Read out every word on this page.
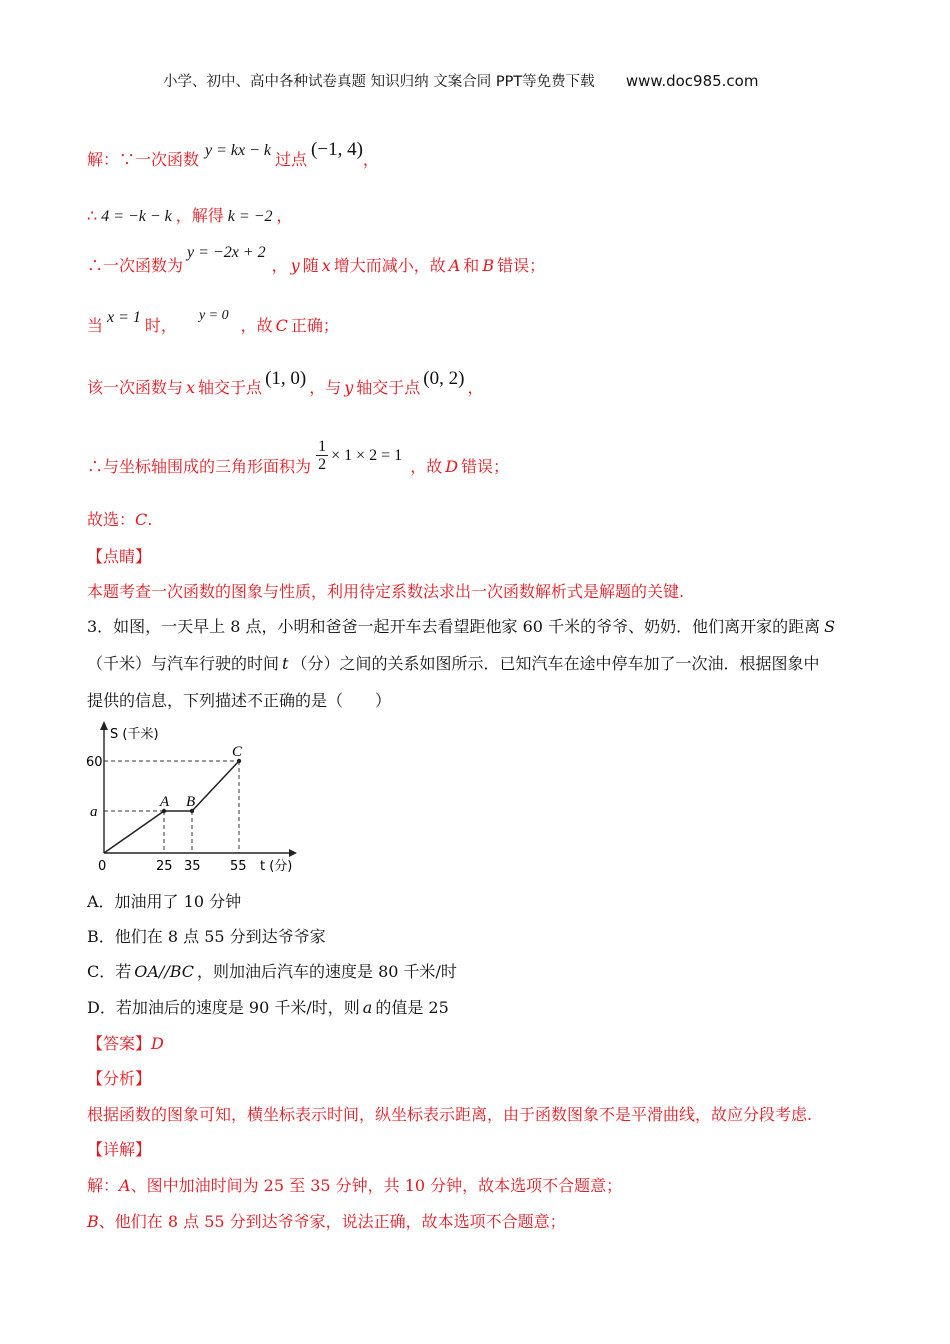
小学、初中、高中各种试卷真题 知识归纳 文案合同 PPT等免费下载 www.doc985.com
解：∵一次函数 y = kx − k 过点 (−1, 4)，
∴ 4 = −k − k ，解得 k = −2 ，
∴一次函数为y = −2x + 2， y 随 x 增大而减小，故 A 和 B 错误；
当 x = 1 时，y = 0，故 C 正确；
该一次函数与 x 轴交于点 (1, 0) ，与 y 轴交于点 (0, 2) ，
∴与坐标轴围成的三角形面积为 $\frac{1}{2} \times 1 \times 2 = 1$，故 D 错误；
故选：C.
【点睛】
本题考查一次函数的图象与性质，利用待定系数法求出一次函数解析式是解题的关键.
3．如图，一天早上 8 点，小明和爸爸一起开车去看望距他家 60 千米的爷爷、奶奶．他们离开家的距离 S
（千米）与汽车行驶的时间 t （分）之间的关系如图所示．已知汽车在途中停车加了一次油．根据图象中
提供的信息，下列描述不正确的是（　　）
S (千米)
60
a
0	25 35 55 t (分)
A B
C
A．加油用了 10 分钟
B．他们在 8 点 55 分到达爷爷家
C．若 OA//BC ，则加油后汽车的速度是 80 千米/时
D．若加油后的速度是 90 千米/时，则 a 的值是 25
【答案】D
【分析】
根据函数的图象可知，横坐标表示时间，纵坐标表示距离，由于函数图象不是平滑曲线，故应分段考虑.
【详解】
解：A、图中加油时间为 25 至 35 分钟，共 10 分钟，故本选项不合题意；
B、他们在 8 点 55 分到达爷爷家，说法正确，故本选项不合题意；
